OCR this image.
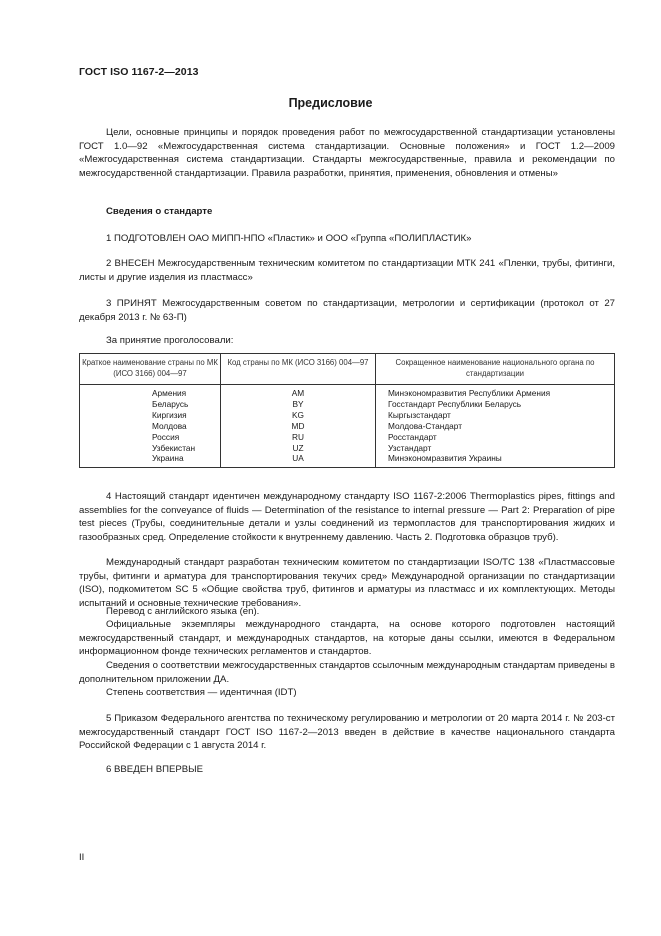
ГОСТ ISO 1167-2—2013
Предисловие
Цели, основные принципы и порядок проведения работ по межгосударственной стандартизации установлены ГОСТ 1.0—92 «Межгосударственная система стандартизации. Основные положения» и ГОСТ 1.2—2009 «Межгосударственная система стандартизации. Стандарты межгосударственные, правила и рекомендации по межгосударственной стандартизации. Правила разработки, принятия, применения, обновления и отмены»
Сведения о стандарте
1 ПОДГОТОВЛЕН ОАО МИПП-НПО «Пластик» и ООО «Группа «ПОЛИПЛАСТИК»
2 ВНЕСЕН Межгосударственным техническим комитетом по стандартизации МТК 241 «Пленки, трубы, фитинги, листы и другие изделия из пластмасс»
3 ПРИНЯТ Межгосударственным советом по стандартизации, метрологии и сертификации (протокол от 27 декабря 2013 г. № 63-П)
За принятие проголосовали:
Краткое наименование страны по МК (ИСО 3166) 004—97	Код страны по МК (ИСО 3166) 004—97	Сокращенное наименование национального органа по стандартизации
Армения	AM	Минэкономразвития Республики Армения
Беларусь	BY	Госстандарт Республики Беларусь
Киргизия	KG	Кыргызстандарт
Молдова	MD	Молдова-Стандарт
Россия	RU	Росстандарт
Узбекистан	UZ	Узстандарт
Украина	UA	Минэкономразвития Украины
4 Настоящий стандарт идентичен международному стандарту ISO 1167-2:2006 Thermoplastics pipes, fittings and assemblies for the conveyance of fluids — Determination of the resistance to internal pressure — Part 2: Preparation of pipe test pieces (Трубы, соединительные детали и узлы соединений из термопластов для транспортирования жидких и газообразных сред. Определение стойкости к внутреннему давлению. Часть 2. Подготовка образцов труб).
Международный стандарт разработан техническим комитетом по стандартизации ISO/TC 138 «Пластмассовые трубы, фитинги и арматура для транспортирования текучих сред» Международной организации по стандартизации (ISO), подкомитетом SC 5 «Общие свойства труб, фитингов и арматуры из пластмасс и их комплектующих. Методы испытаний и основные технические требования».
Перевод с английского языка (en).
Официальные экземпляры международного стандарта, на основе которого подготовлен настоящий межгосударственный стандарт, и международных стандартов, на которые даны ссылки, имеются в Федеральном информационном фонде технических регламентов и стандартов.
Сведения о соответствии межгосударственных стандартов ссылочным международным стандартам приведены в дополнительном приложении ДА.
Степень соответствия — идентичная (IDT)
5 Приказом Федерального агентства по техническому регулированию и метрологии от 20 марта 2014 г. № 203-ст межгосударственный стандарт ГОСТ ISO 1167-2—2013 введен в действие в качестве национального стандарта Российской Федерации с 1 августа 2014 г.
6 ВВЕДЕН ВПЕРВЫЕ
II
